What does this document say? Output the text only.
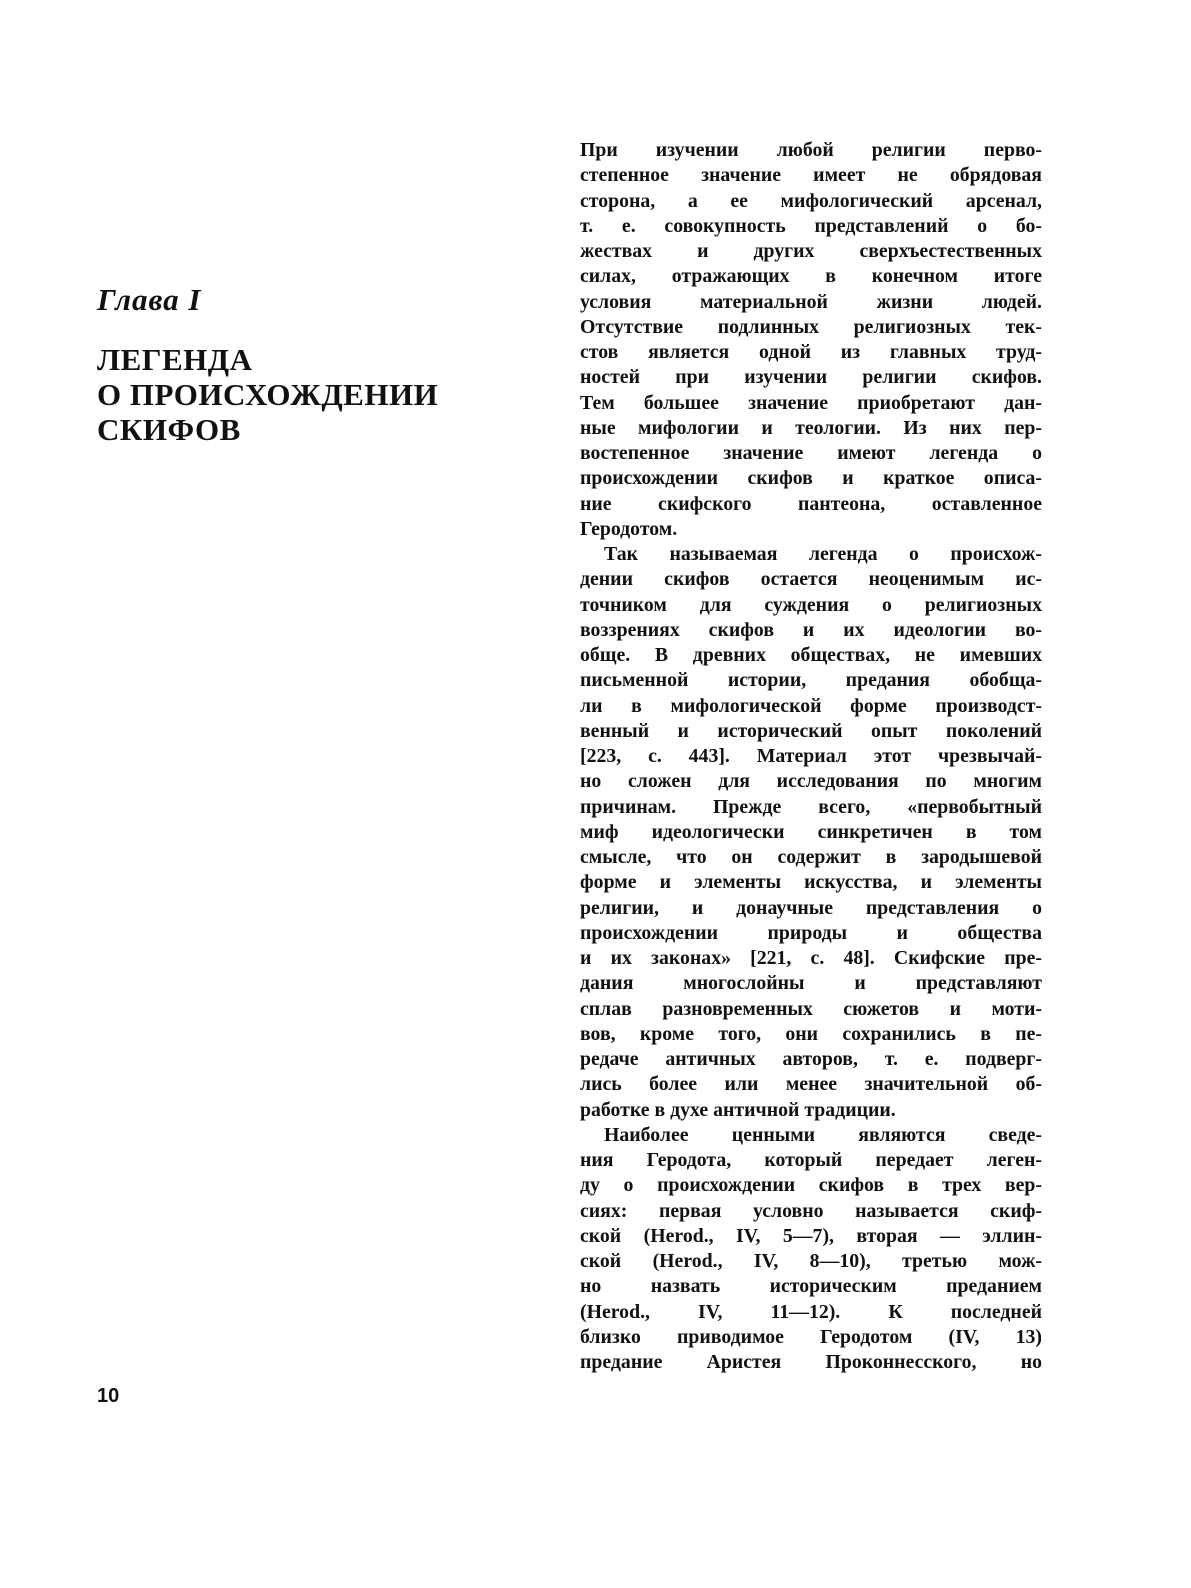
Глава I
ЛЕГЕНДА
О ПРОИСХОЖДЕНИИ
СКИФОВ
При изучении любой религии перво-
степенное значение имеет не обрядовая
сторона, а ее мифологический арсенал,
т. е. совокупность представлений о бо-
жествах и других сверхъестественных
силах, отражающих в конечном итоге
условия материальной жизни людей.
Отсутствие подлинных религиозных тек-
стов является одной из главных труд-
ностей при изучении религии скифов.
Тем большее значение приобретают дан-
ные мифологии и теологии. Из них пер-
востепенное значение имеют легенда о
происхождении скифов и краткое описа-
ние скифского пантеона, оставленное
Геродотом.
Так называемая легенда о происхож-
дении скифов остается неоценимым ис-
точником для суждения о религиозных
воззрениях скифов и их идеологии во-
обще. В древних обществах, не имевших
письменной истории, предания обобща-
ли в мифологической форме производст-
венный и исторический опыт поколений
[223, с. 443]. Материал этот чрезвычай-
но сложен для исследования по многим
причинам. Прежде всего, «первобытный
миф идеологически синкретичен в том
смысле, что он содержит в зародышевой
форме и элементы искусства, и элементы
религии, и донаучные представления о
происхождении природы и общества
и их законах» [221, с. 48]. Скифские пре-
дания многослойны и представляют
сплав разновременных сюжетов и моти-
вов, кроме того, они сохранились в пе-
редаче античных авторов, т. е. подверг-
лись более или менее значительной об-
работке в духе античной традиции.
Наиболее ценными являются сведе-
ния Геродота, который передает леген-
ду о происхождении скифов в трех вер-
сиях: первая условно называется скиф-
ской (Herod., IV, 5—7), вторая — эллин-
ской (Herod., IV, 8—10), третью мож-
но назвать историческим преданием
(Herod., IV, 11—12). К последней
близко приводимое Геродотом (IV, 13)
предание Аристея Проконнесского, но
10
